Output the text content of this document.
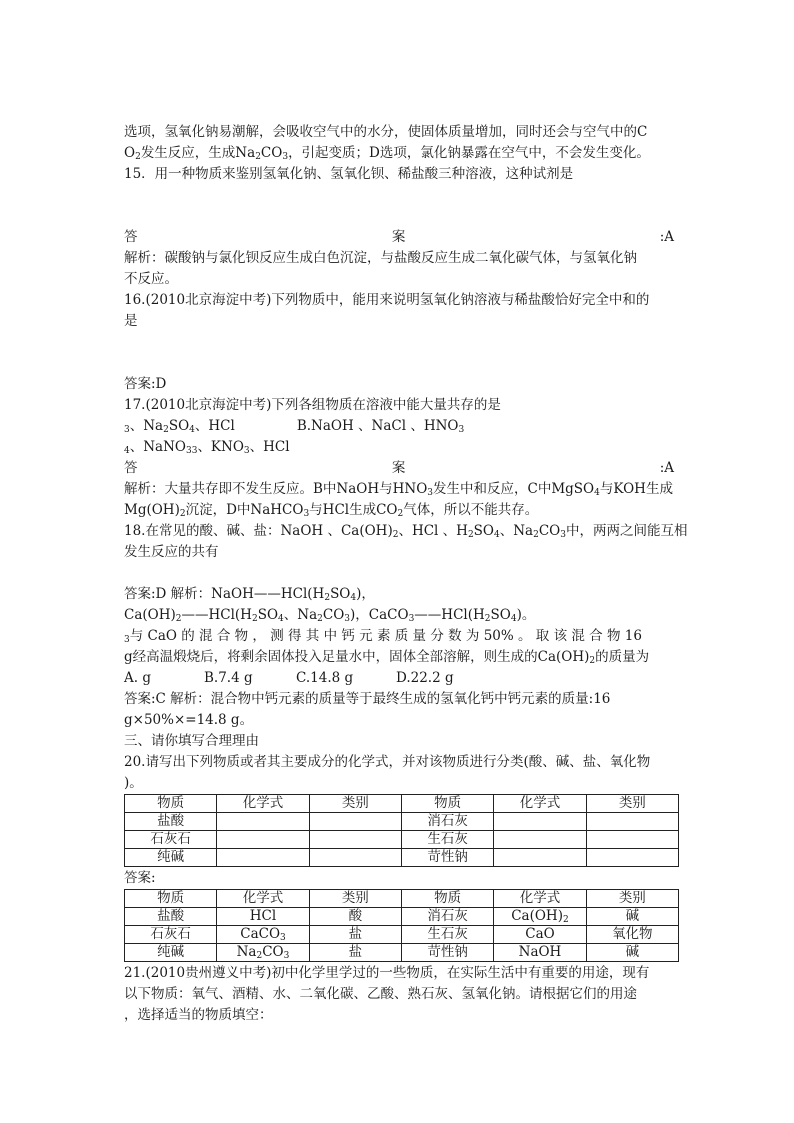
选项，氢氧化钠易潮解，会吸收空气中的水分，使固体质量增加，同时还会与空气中的C
$O_2$发生反应，生成$Na_2CO_3$，引起变质；D选项，氯化钠暴露在空气中，不会发生变化。
15．用一种物质来鉴别氢氧化钠、氢氧化钡、稀盐酸三种溶液，这种试剂是
答	案	:A
解析：碳酸钠与氯化钡反应生成白色沉淀，与盐酸反应生成二氧化碳气体，与氢氧化钠
不反应。
16.(2010北京海淀中考)下列物质中，能用来说明氢氧化钠溶液与稀盐酸恰好完全中和的
是
答案:D
17.(2010北京海淀中考)下列各组物质在溶液中能大量共存的是
$_3$、$Na_2SO_4$、HCl	B.NaOH 、NaCl 、$HNO_3$
$_4$、NaNO$_{33}$、$KNO_3$、HCl
答	案	:A
解析：大量共存即不发生反应。B中NaOH与$HNO_3$发生中和反应，C中MgSO$_4$与KOH生成
$Mg(OH)_2$沉淀，D中NaHCO$_3$与HCl生成$CO_2$气体，所以不能共存。
18.在常见的酸、碱、盐：NaOH 、$Ca(OH)_2$、HCl 、$H_2SO_4$、$Na_2CO_3$中，两两之间能互相
发生反应的共有
答案:D 解析：$NaOH——HCl(H_2SO_4)$，
$Ca(OH)_2——HCl(H_2SO_4$、$Na_2CO_3$)，$CaCO_3——HCl(H_2SO_4)$。
$_3$与 CaO 的 混 合 物 ， 测 得 其 中 钙 元 素 质 量 分 数 为 50% 。 取 该 混 合 物 16
g经高温煅烧后，将剩余固体投入足量水中，固体全部溶解，则生成的$Ca(OH)_2$的质量为
A. g	B.7.4 g	C.14.8 g	D.22.2 g
答案:C 解析：混合物中钙元素的质量等于最终生成的氢氧化钙中钙元素的质量:16
g×50%×=14.8 g。
三、请你填写合理理由
20.请写出下列物质或者其主要成分的化学式，并对该物质进行分类(酸、碱、盐、氧化物
)。
物质	化学式	类别	物质	化学式	类别
盐酸			消石灰		
石灰石			生石灰		
纯碱			苛性钠		
答案:
物质	化学式	类别	物质	化学式	类别
盐酸	HCl	酸	消石灰	$Ca(OH)_2$	碱
石灰石	CaCO$_3$	盐	生石灰	CaO	氧化物
纯碱	$Na_2CO_3$	盐	苛性钠	NaOH	碱
21.(2010贵州遵义中考)初中化学里学过的一些物质，在实际生活中有重要的用途，现有
以下物质：氧气、酒精、水、二氧化碳、乙酸、熟石灰、氢氧化钠。请根据它们的用途
，选择适当的物质填空：
